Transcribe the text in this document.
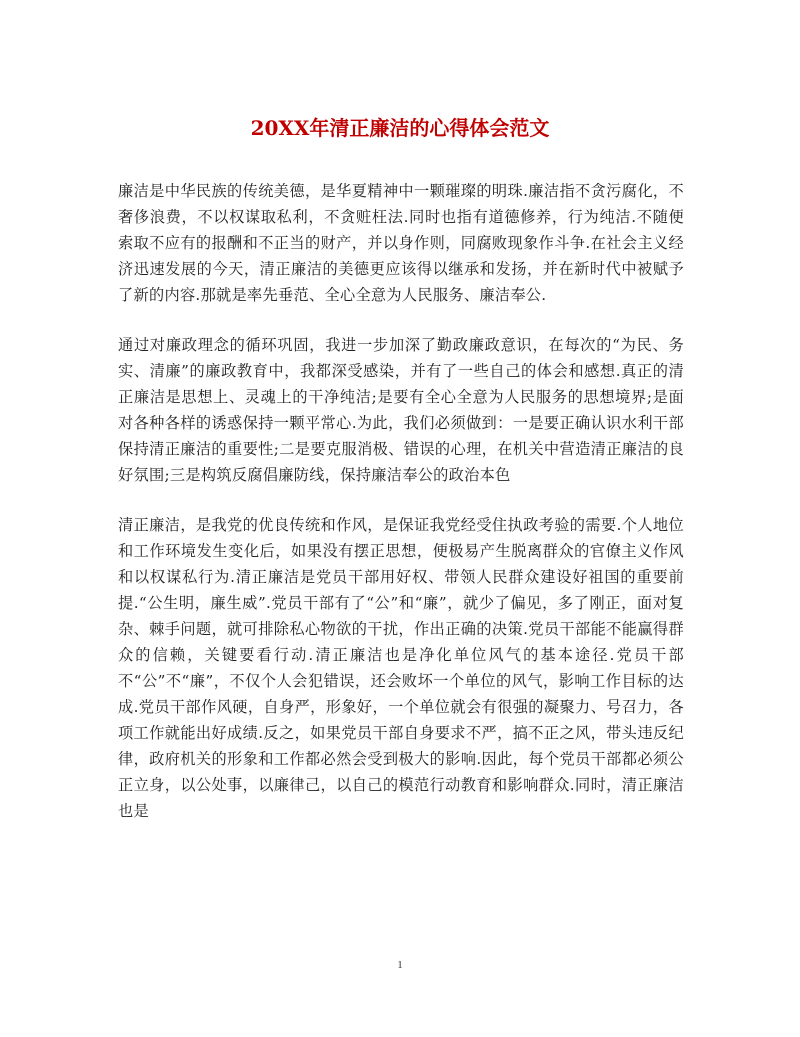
20XX年清正廉洁的心得体会范文

廉洁是中华民族的传统美德，是华夏精神中一颗璀璨的明珠.廉洁指不贪污腐化，不奢侈浪费，不以权谋取私利，不贪赃枉法.同时也指有道德修养，行为纯洁.不随便索取不应有的报酬和不正当的财产，并以身作则，同腐败现象作斗争.在社会主义经济迅速发展的今天，清正廉洁的美德更应该得以继承和发扬，并在新时代中被赋予了新的内容.那就是率先垂范、全心全意为人民服务、廉洁奉公.

通过对廉政理念的循环巩固，我进一步加深了勤政廉政意识，在每次的“为民、务实、清廉”的廉政教育中，我都深受感染，并有了一些自己的体会和感想.真正的清正廉洁是思想上、灵魂上的干净纯洁;是要有全心全意为人民服务的思想境界;是面对各种各样的诱惑保持一颗平常心.为此，我们必须做到：一是要正确认识水利干部保持清正廉洁的重要性;二是要克服消极、错误的心理，在机关中营造清正廉洁的良好氛围;三是构筑反腐倡廉防线，保持廉洁奉公的政治本色

清正廉洁，是我党的优良传统和作风，是保证我党经受住执政考验的需要.个人地位和工作环境发生变化后，如果没有摆正思想，便极易产生脱离群众的官僚主义作风和以权谋私行为.清正廉洁是党员干部用好权、带领人民群众建设好祖国的重要前提.“公生明，廉生威”.党员干部有了“公”和“廉”，就少了偏见，多了刚正，面对复杂、棘手问题，就可排除私心物欲的干扰，作出正确的决策.党员干部能不能赢得群众的信赖，关键要看行动.清正廉洁也是净化单位风气的基本途径.党员干部不“公”不“廉”，不仅个人会犯错误，还会败坏一个单位的风气，影响工作目标的达成.党员干部作风硬，自身严，形象好，一个单位就会有很强的凝聚力、号召力，各项工作就能出好成绩.反之，如果党员干部自身要求不严，搞不正之风，带头违反纪律，政府机关的形象和工作都必然会受到极大的影响.因此，每个党员干部都必须公正立身，以公处事，以廉律己，以自己的模范行动教育和影响群众.同时，清正廉洁也是

1
